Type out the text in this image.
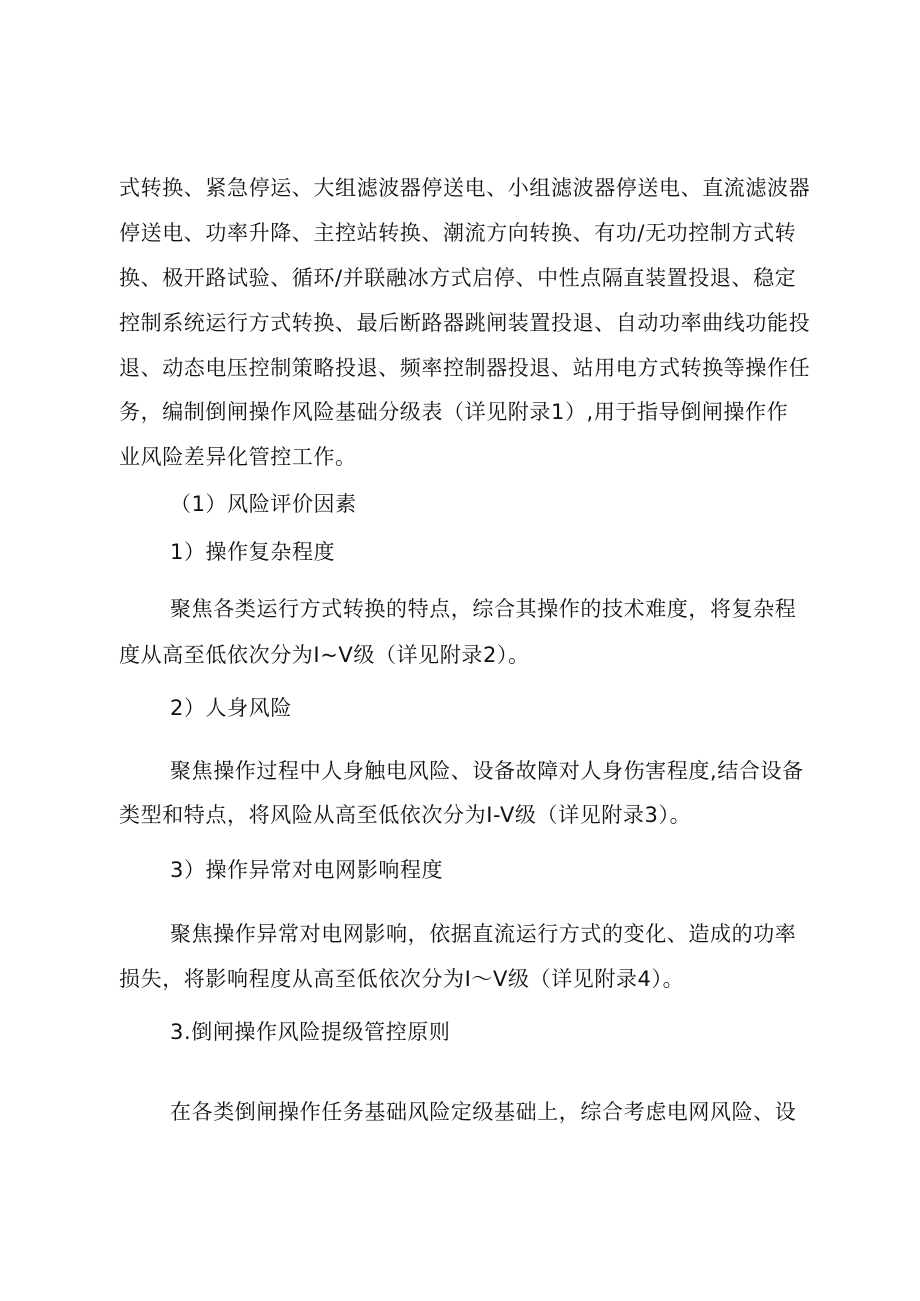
式转换、紧急停运、大组滤波器停送电、小组滤波器停送电、直流滤波器

停送电、功率升降、主控站转换、潮流方向转换、有功/无功控制方式转

换、极开路试验、循环/并联融冰方式启停、中性点隔直装置投退、稳定

控制系统运行方式转换、最后断路器跳闸装置投退、自动功率曲线功能投

退、动态电压控制策略投退、频率控制器投退、站用电方式转换等操作任

务，编制倒闸操作风险基础分级表（详见附录1）,用于指导倒闸操作作

业风险差异化管控工作。

（1）风险评价因素

1）操作复杂程度

聚焦各类运行方式转换的特点，综合其操作的技术难度，将复杂程

度从高至低依次分为I~V级（详见附录2）。

2）人身风险

聚焦操作过程中人身触电风险、设备故障对人身伤害程度,结合设备

类型和特点，将风险从高至低依次分为I-V级（详见附录3）。

3）操作异常对电网影响程度

聚焦操作异常对电网影响，依据直流运行方式的变化、造成的功率

损失，将影响程度从高至低依次分为I～V级（详见附录4）。

3.倒闸操作风险提级管控原则

在各类倒闸操作任务基础风险定级基础上，综合考虑电网风险、设
